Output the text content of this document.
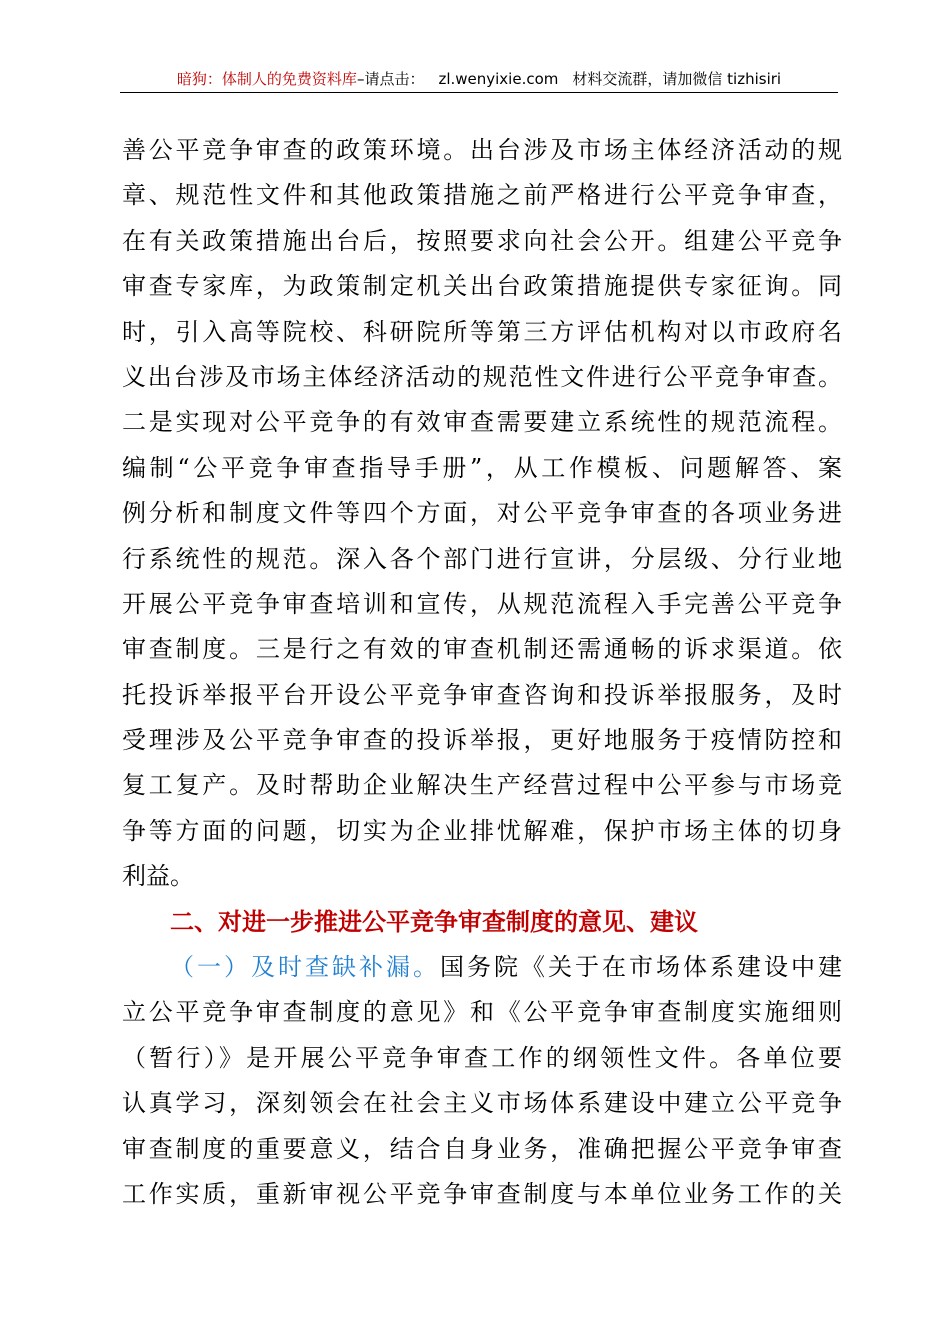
暗狗：体制人的免费资料库–请点击： zl.wenyixie.com 材料交流群，请加微信 tizhisiri
善公平竞争审查的政策环境。出台涉及市场主体经济活动的规
章、规范性文件和其他政策措施之前严格进行公平竞争审查，
在有关政策措施出台后，按照要求向社会公开。组建公平竞争
审查专家库，为政策制定机关出台政策措施提供专家征询。同
时，引入高等院校、科研院所等第三方评估机构对以市政府名
义出台涉及市场主体经济活动的规范性文件进行公平竞争审查。
二是实现对公平竞争的有效审查需要建立系统性的规范流程。
编制“公平竞争审查指导手册”，从工作模板、问题解答、案
例分析和制度文件等四个方面，对公平竞争审查的各项业务进
行系统性的规范。深入各个部门进行宣讲，分层级、分行业地
开展公平竞争审查培训和宣传，从规范流程入手完善公平竞争
审查制度。三是行之有效的审查机制还需通畅的诉求渠道。依
托投诉举报平台开设公平竞争审查咨询和投诉举报服务，及时
受理涉及公平竞争审查的投诉举报，更好地服务于疫情防控和
复工复产。及时帮助企业解决生产经营过程中公平参与市场竞
争等方面的问题，切实为企业排忧解难，保护市场主体的切身
利益。
二、对进一步推进公平竞争审查制度的意见、建议
（一）及时查缺补漏。国务院《关于在市场体系建设中建
立公平竞争审查制度的意见》和《公平竞争审查制度实施细则
（暂行）》是开展公平竞争审查工作的纲领性文件。各单位要
认真学习，深刻领会在社会主义市场体系建设中建立公平竞争
审查制度的重要意义，结合自身业务，准确把握公平竞争审查
工作实质，重新审视公平竞争审查制度与本单位业务工作的关
